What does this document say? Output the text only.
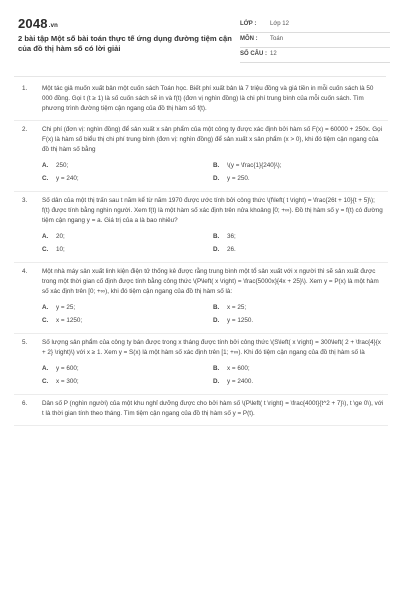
2048.vn
2 bài tập Một số bài toán thực tế ứng dụng đường tiệm cận của đồ thị hàm số có lời giải
LỚP : Lớp 12
MÔN : Toán
SỐ CÂU : 12
1. Một tác giả muốn xuất bản một cuốn sách Toán học. Biết phí xuất bản là 7 triệu đồng và giá tiền in mỗi cuốn sách là 50 000 đồng. Gọi t (t ≥ 1) là số cuốn sách sẽ in và f(t) (đơn vị nghìn đồng) là chi phí trung bình của mỗi cuốn sách. Tìm phương trình đường tiệm cận ngang của đồ thị hàm số f(t).
2. Chi phí (đơn vị: nghìn đồng) để sản xuất x sản phẩm của một công ty được xác định bởi hàm số F(x) = 60000 + 250x. Gọi F(x) là hàm số biểu thị chi phí trung bình (đơn vị: nghìn đồng) để sản xuất x sản phẩm (x > 0), khi đó tiệm cận ngang của đồ thị hàm số bằng
A.	250;	B.	\(y = \frac{1}{240}\);
C.	y = 240;	D.	y = 250.
3. Số dân của một thị trấn sau t năm kể từ năm 1970 được ước tính bởi công thức \(f\left( t \right) = \frac{26t + 10}{t + 5}\); f(t) được tính bằng nghìn người. Xem f(t) là một hàm số xác định trên nửa khoảng [0; +∞). Đồ thị hàm số y = f(t) có đường tiệm cận ngang y = a. Giá trị của a là bao nhiêu?
A.	20;	B.	36;
C.	10;	D.	26.
4. Một nhà máy sản xuất linh kiện điện tử thống kê được rằng trung bình một tổ sản xuất với x người thì sẽ sản xuất được trong một thời gian cố định được tính bằng công thức \(P\left( x \right) = \frac{5000x}{4x + 25}\). Xem y = P(x) là một hàm số xác định trên [0; +∞), khi đó tiệm cận ngang của đồ thị hàm số là:
A.	y = 25;	B.	x = 25;
C.	x = 1250;	D.	y = 1250.
5. Số lượng sản phẩm của công ty bán được trong x tháng được tính bởi công thức \(S\left( x \right) = 300\left( 2 + \frac{4}{x + 2} \right)\) với x ≥ 1. Xem y = S(x) là một hàm số xác định trên [1; +∞). Khi đó tiệm cận ngang của đồ thị hàm số là
A.	y = 600;	B.	x = 600;
C.	x = 300;	D.	y = 2400.
6. Dân số P (nghìn người) của một khu nghỉ dưỡng được cho bởi hàm số \(P\left( t \right) = \frac{400t}{t^2 + 7}\), t \ge 0\), với t là thời gian tính theo tháng. Tìm tiệm cận ngang của đồ thị hàm số y = P(t).
